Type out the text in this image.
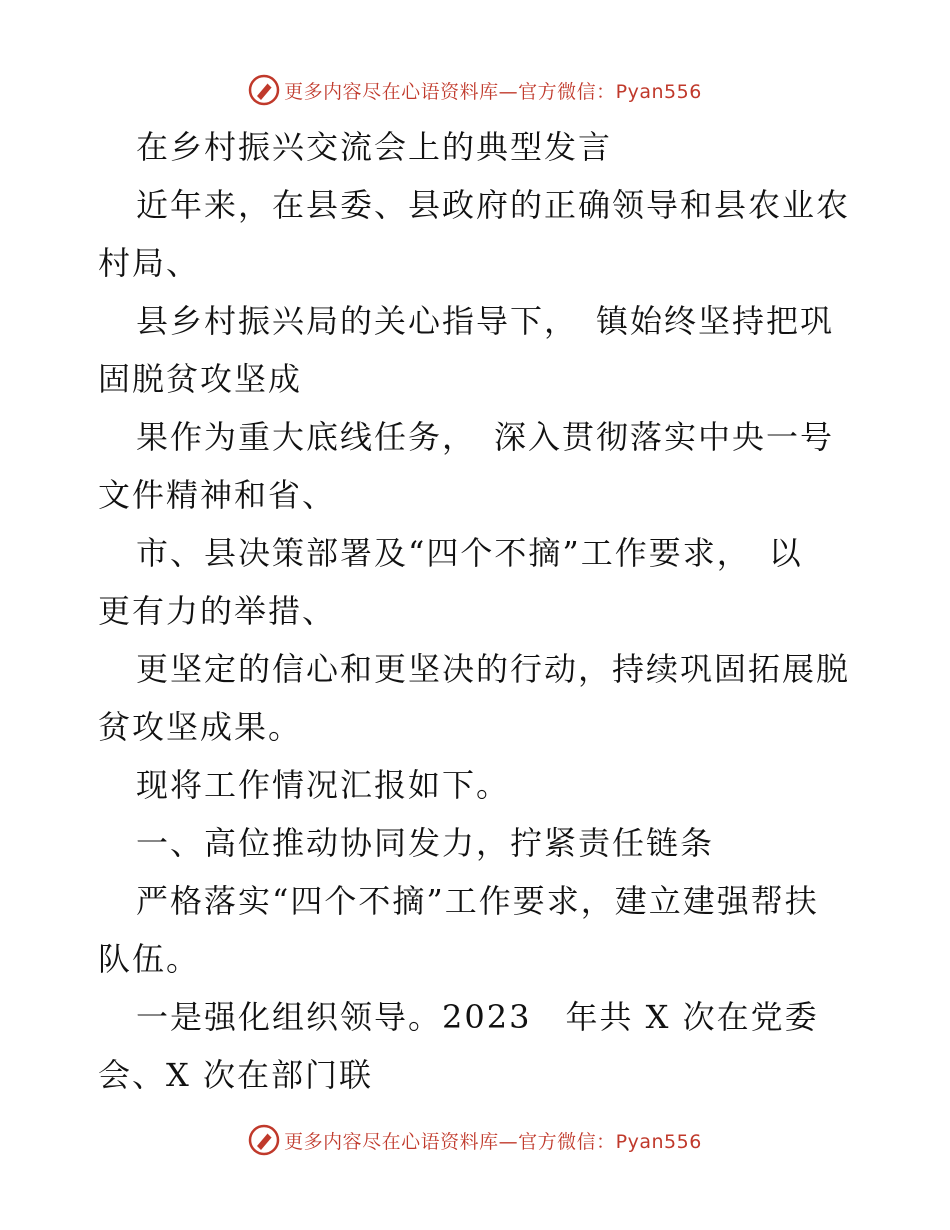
更多内容尽在心语资料库—官方微信：Pyan556
在乡村振兴交流会上的典型发言
近年来，在县委、县政府的正确领导和县农业农
村局、
县乡村振兴局的关心指导下，　镇始终坚持把巩
固脱贫攻坚成
果作为重大底线任务，　深入贯彻落实中央一号
文件精神和省、
市、县决策部署及“四个不摘”工作要求，　以
更有力的举措、
更坚定的信心和更坚决的行动，持续巩固拓展脱
贫攻坚成果。
现将工作情况汇报如下。
一、高位推动协同发力，拧紧责任链条
严格落实“四个不摘”工作要求，建立建强帮扶
队伍。
一是强化组织领导。2023　年共 X 次在党委
会、X 次在部门联
更多内容尽在心语资料库—官方微信：Pyan556
